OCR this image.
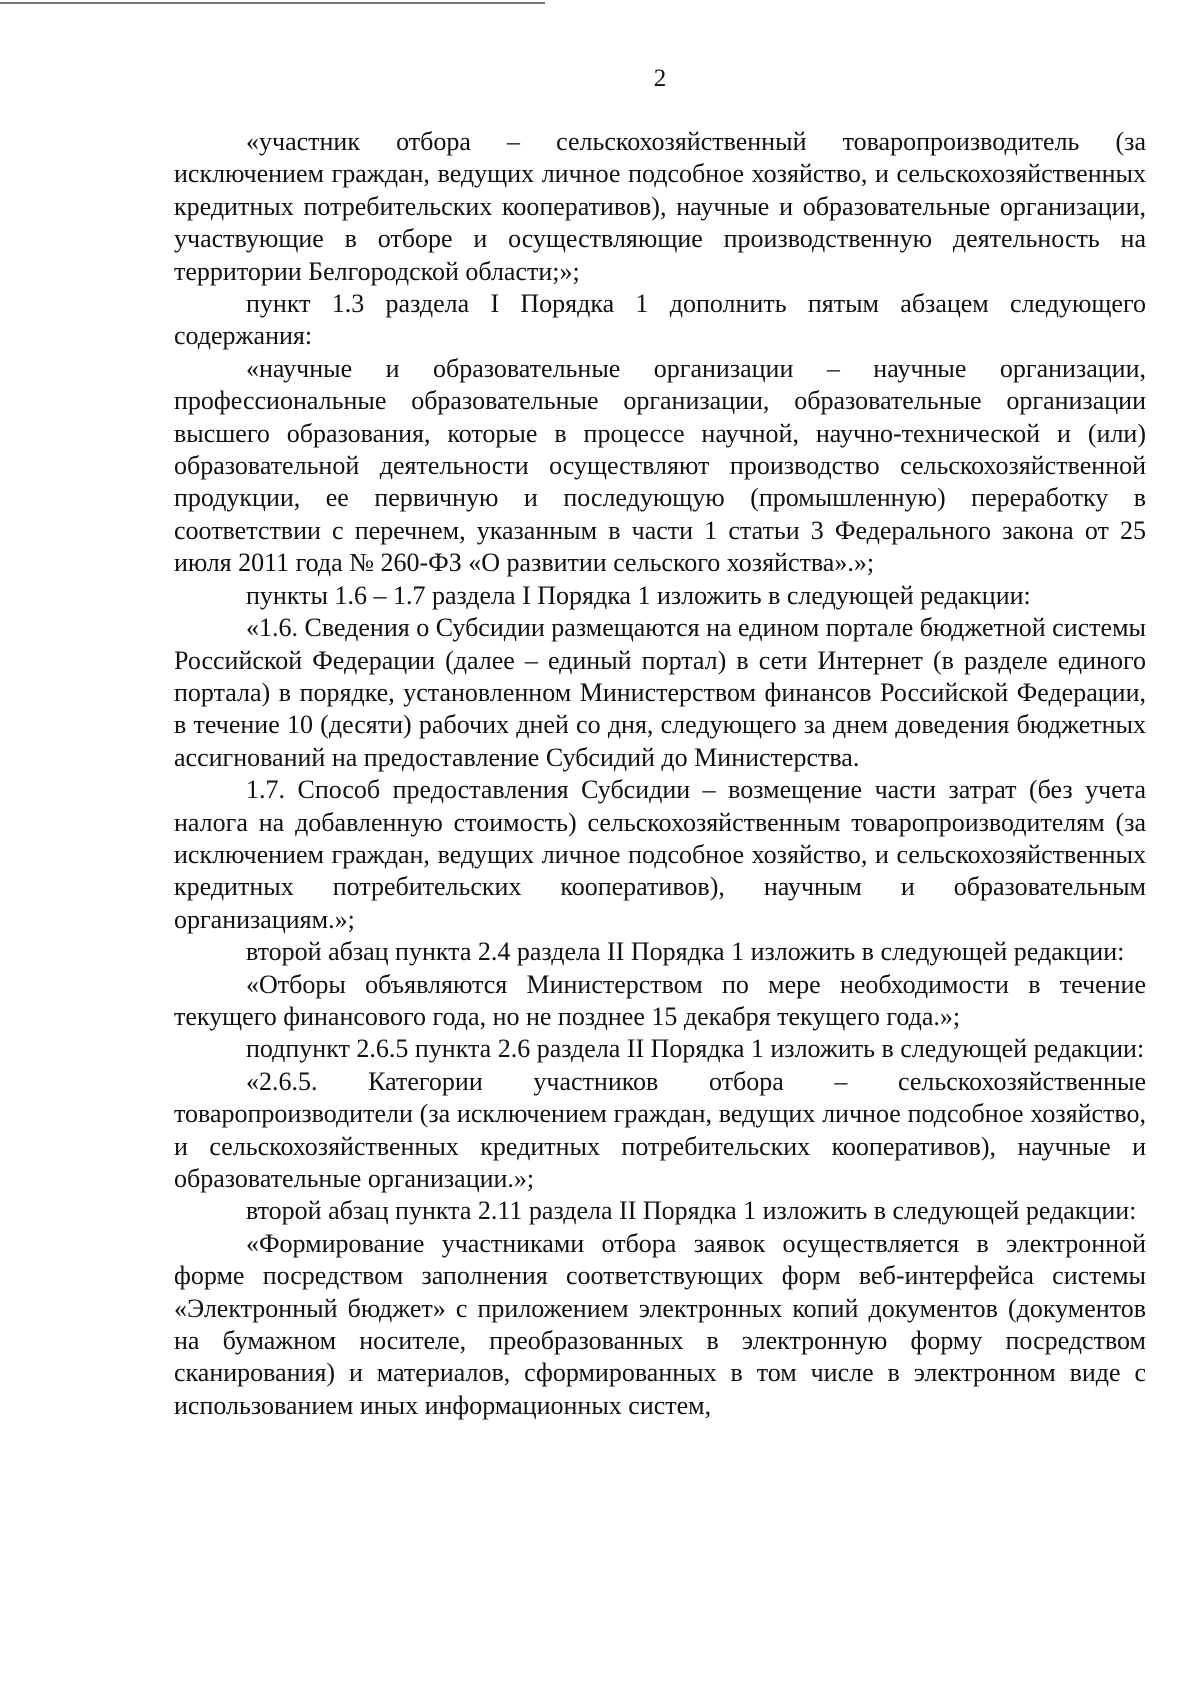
2

«участник отбора – сельскохозяйственный товаропроизводитель (за исключением граждан, ведущих личное подсобное хозяйство, и сельскохозяйственных кредитных потребительских кооперативов), научные и образовательные организации, участвующие в отборе и осуществляющие производственную деятельность на территории Белгородской области;»;

пункт 1.3 раздела I Порядка 1 дополнить пятым абзацем следующего содержания:

«научные и образовательные организации – научные организации, профессиональные образовательные организации, образовательные организации высшего образования, которые в процессе научной, научно-технической и (или) образовательной деятельности осуществляют производство сельскохозяйственной продукции, ее первичную и последующую (промышленную) переработку в соответствии с перечнем, указанным в части 1 статьи 3 Федерального закона от 25 июля 2011 года № 260-ФЗ «О развитии сельского хозяйства».»;

пункты 1.6 – 1.7 раздела I Порядка 1 изложить в следующей редакции:

«1.6. Сведения о Субсидии размещаются на едином портале бюджетной системы Российской Федерации (далее – единый портал) в сети Интернет (в разделе единого портала) в порядке, установленном Министерством финансов Российской Федерации, в течение 10 (десяти) рабочих дней со дня, следующего за днем доведения бюджетных ассигнований на предоставление Субсидий до Министерства.

1.7. Способ предоставления Субсидии – возмещение части затрат (без учета налога на добавленную стоимость) сельскохозяйственным товаропроизводителям (за исключением граждан, ведущих личное подсобное хозяйство, и сельскохозяйственных кредитных потребительских кооперативов), научным и образовательным организациям.»;

второй абзац пункта 2.4 раздела II Порядка 1 изложить в следующей редакции:

«Отборы объявляются Министерством по мере необходимости в течение текущего финансового года, но не позднее 15 декабря текущего года.»;

подпункт 2.6.5 пункта 2.6 раздела II Порядка 1 изложить в следующей редакции:

«2.6.5. Категории участников отбора – сельскохозяйственные товаропроизводители (за исключением граждан, ведущих личное подсобное хозяйство, и сельскохозяйственных кредитных потребительских кооперативов), научные и образовательные организации.»;

второй абзац пункта 2.11 раздела II Порядка 1 изложить в следующей редакции:

«Формирование участниками отбора заявок осуществляется в электронной форме посредством заполнения соответствующих форм веб-интерфейса системы «Электронный бюджет» с приложением электронных копий документов (документов на бумажном носителе, преобразованных в электронную форму посредством сканирования) и материалов, сформированных в том числе в электронном виде с использованием иных информационных систем,
